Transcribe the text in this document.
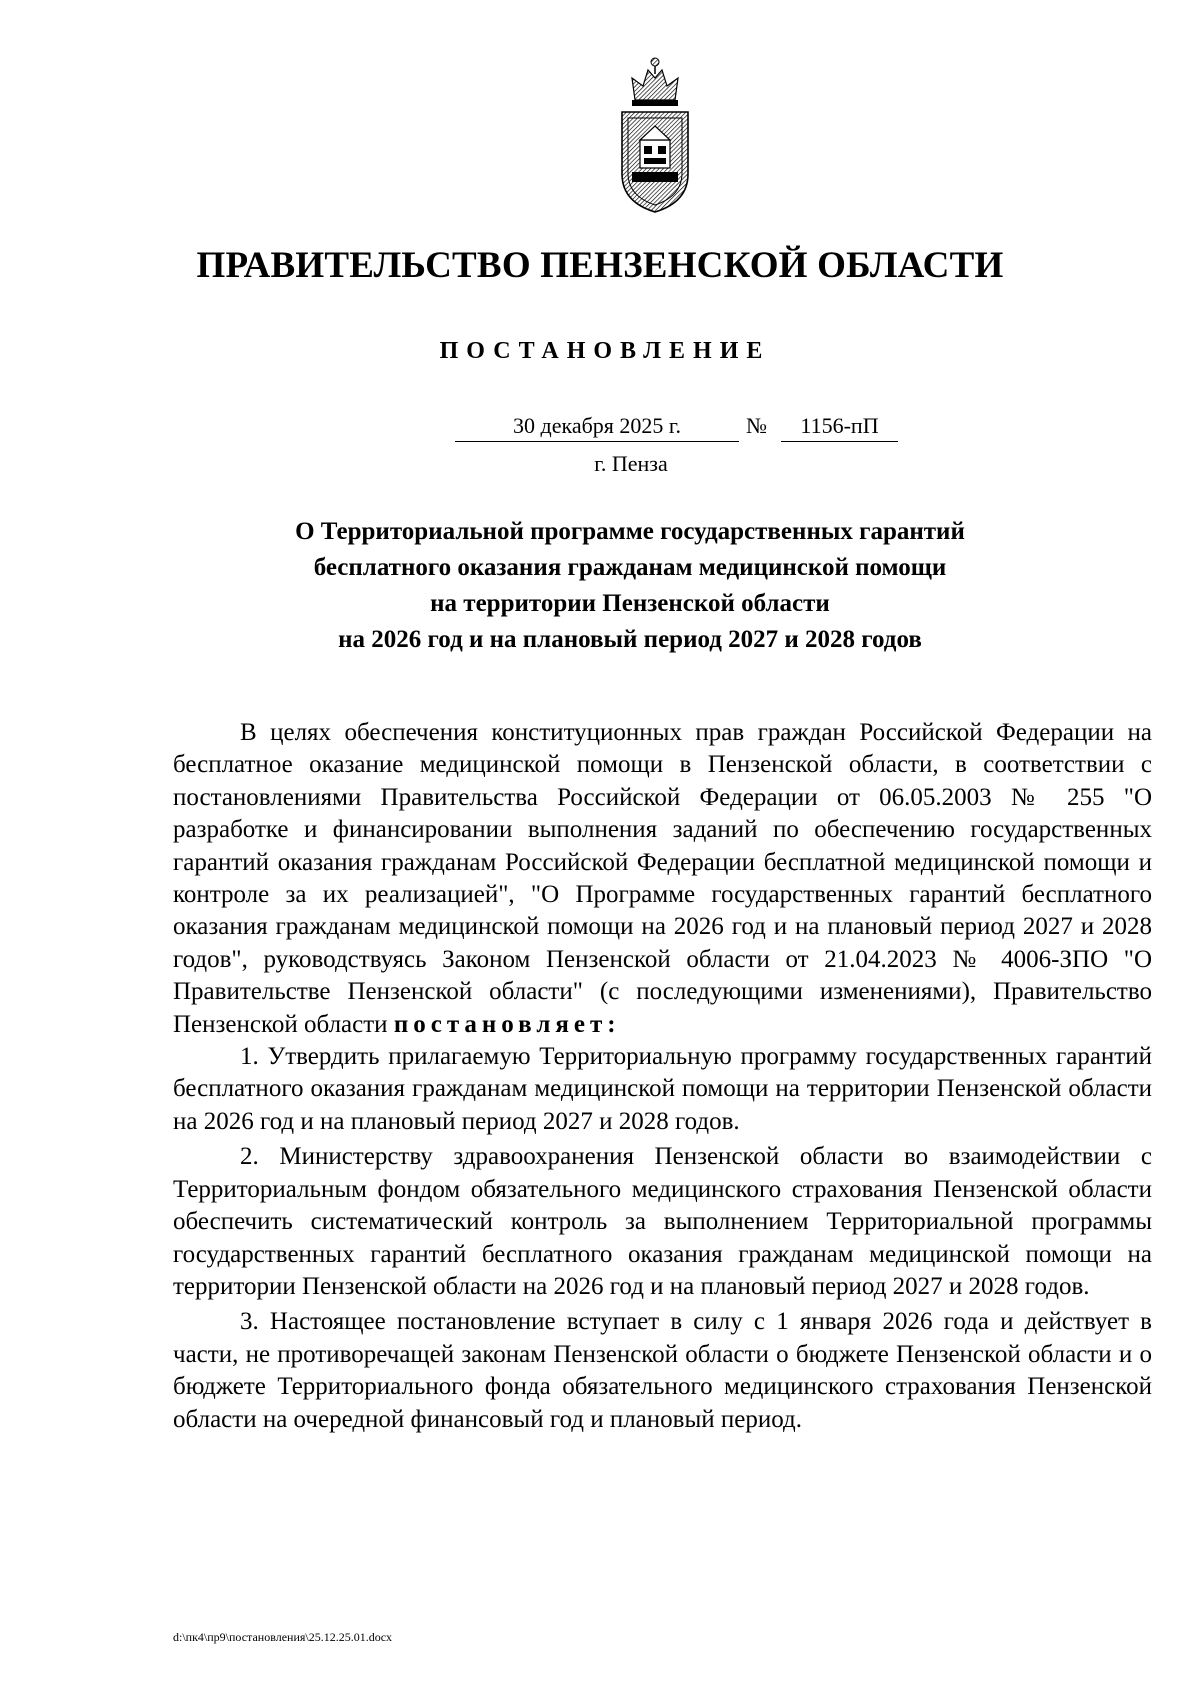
ПРАВИТЕЛЬСТВО ПЕНЗЕНСКОЙ ОБЛАСТИ
ПОСТАНОВЛЕНИЕ
30 декабря 2025 г.	№	1156-пП
г. Пенза
О Территориальной программе государственных гарантий
бесплатного оказания гражданам медицинской помощи
на территории Пензенской области
на 2026 год и на плановый период 2027 и 2028 годов

В целях обеспечения конституционных прав граждан Российской Федерации на бесплатное оказание медицинской помощи в Пензенской области, в соответствии с постановлениями Правительства Российской Федерации от 06.05.2003 № 255 "О разработке и финансировании выполнения заданий по обеспечению государственных гарантий оказания гражданам Российской Федерации бесплатной медицинской помощи и контроле за их реализацией", "О Программе государственных гарантий бесплатного оказания гражданам медицинской помощи на 2026 год и на плановый период 2027 и 2028 годов", руководствуясь Законом Пензенской области от 21.04.2023 № 4006-ЗПО "О Правительстве Пензенской области" (с последующими изменениями), Правительство Пензенской области постановляет:

1. Утвердить прилагаемую Территориальную программу государственных гарантий бесплатного оказания гражданам медицинской помощи на территории Пензенской области на 2026 год и на плановый период 2027 и 2028 годов.

2. Министерству здравоохранения Пензенской области во взаимодействии с Территориальным фондом обязательного медицинского страхования Пензенской области обеспечить систематический контроль за выполнением Территориальной программы государственных гарантий бесплатного оказания гражданам медицинской помощи на территории Пензенской области на 2026 год и на плановый период 2027 и 2028 годов.

3. Настоящее постановление вступает в силу с 1 января 2026 года и действует в части, не противоречащей законам Пензенской области о бюджете Пензенской области и о бюджете Территориального фонда обязательного медицинского страхования Пензенской области на очередной финансовый год и плановый период.

d:\пк4\пр9\постановления\25.12.25.01.docx
